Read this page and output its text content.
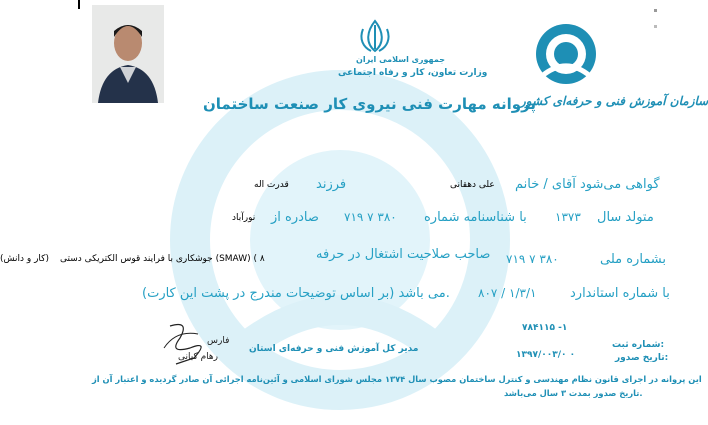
جمهوری اسلامی ایران
وزارت تعاون، کار و رفاه اجتماعی
سازمان آموزش فنی و حرفه‌ای کشور
پروانه مهارت فنی نیروی کار صنعت ساختمان
گواهی می‌شود آقای / خانم
علی دهقانی
فرزند
قدرت اله
متولد سال
۱۳۷۳
با شناسنامه شماره
۷۱۹ ۷ ۳۸۰
صادره از
نورآباد
بشماره ملی
۷۱۹ ۷ ۳۸۰
صاحب صلاحیت اشتغال در حرفه
جوشکاری با فرایند قوس الکتریکی دستی (SMAW) ( ۸
(کار و دانش)
با شماره استاندارد
۸۰۷ / ۱/۳/۱
(بر اساس توضیحات مندرج در پشت این کارت) می باشد.
فارس
رهام کیانی
مدیر کل آموزش فنی و حرفه‌ای استان	شماره ثبت:
۷۸۴۱۱۵ -۱
تاریخ صدور:
۱۳۹۷/۰۰۳/۰ ۰
این پروانه در اجرای قانون نظام مهندسی و کنترل ساختمان مصوب سال ۱۳۷۴ مجلس شورای اسلامی و آئین‌نامه اجرائی آن صادر گردیده و اعتبار آن از
تاریخ صدور بمدت ۳ سال می‌باشد.
